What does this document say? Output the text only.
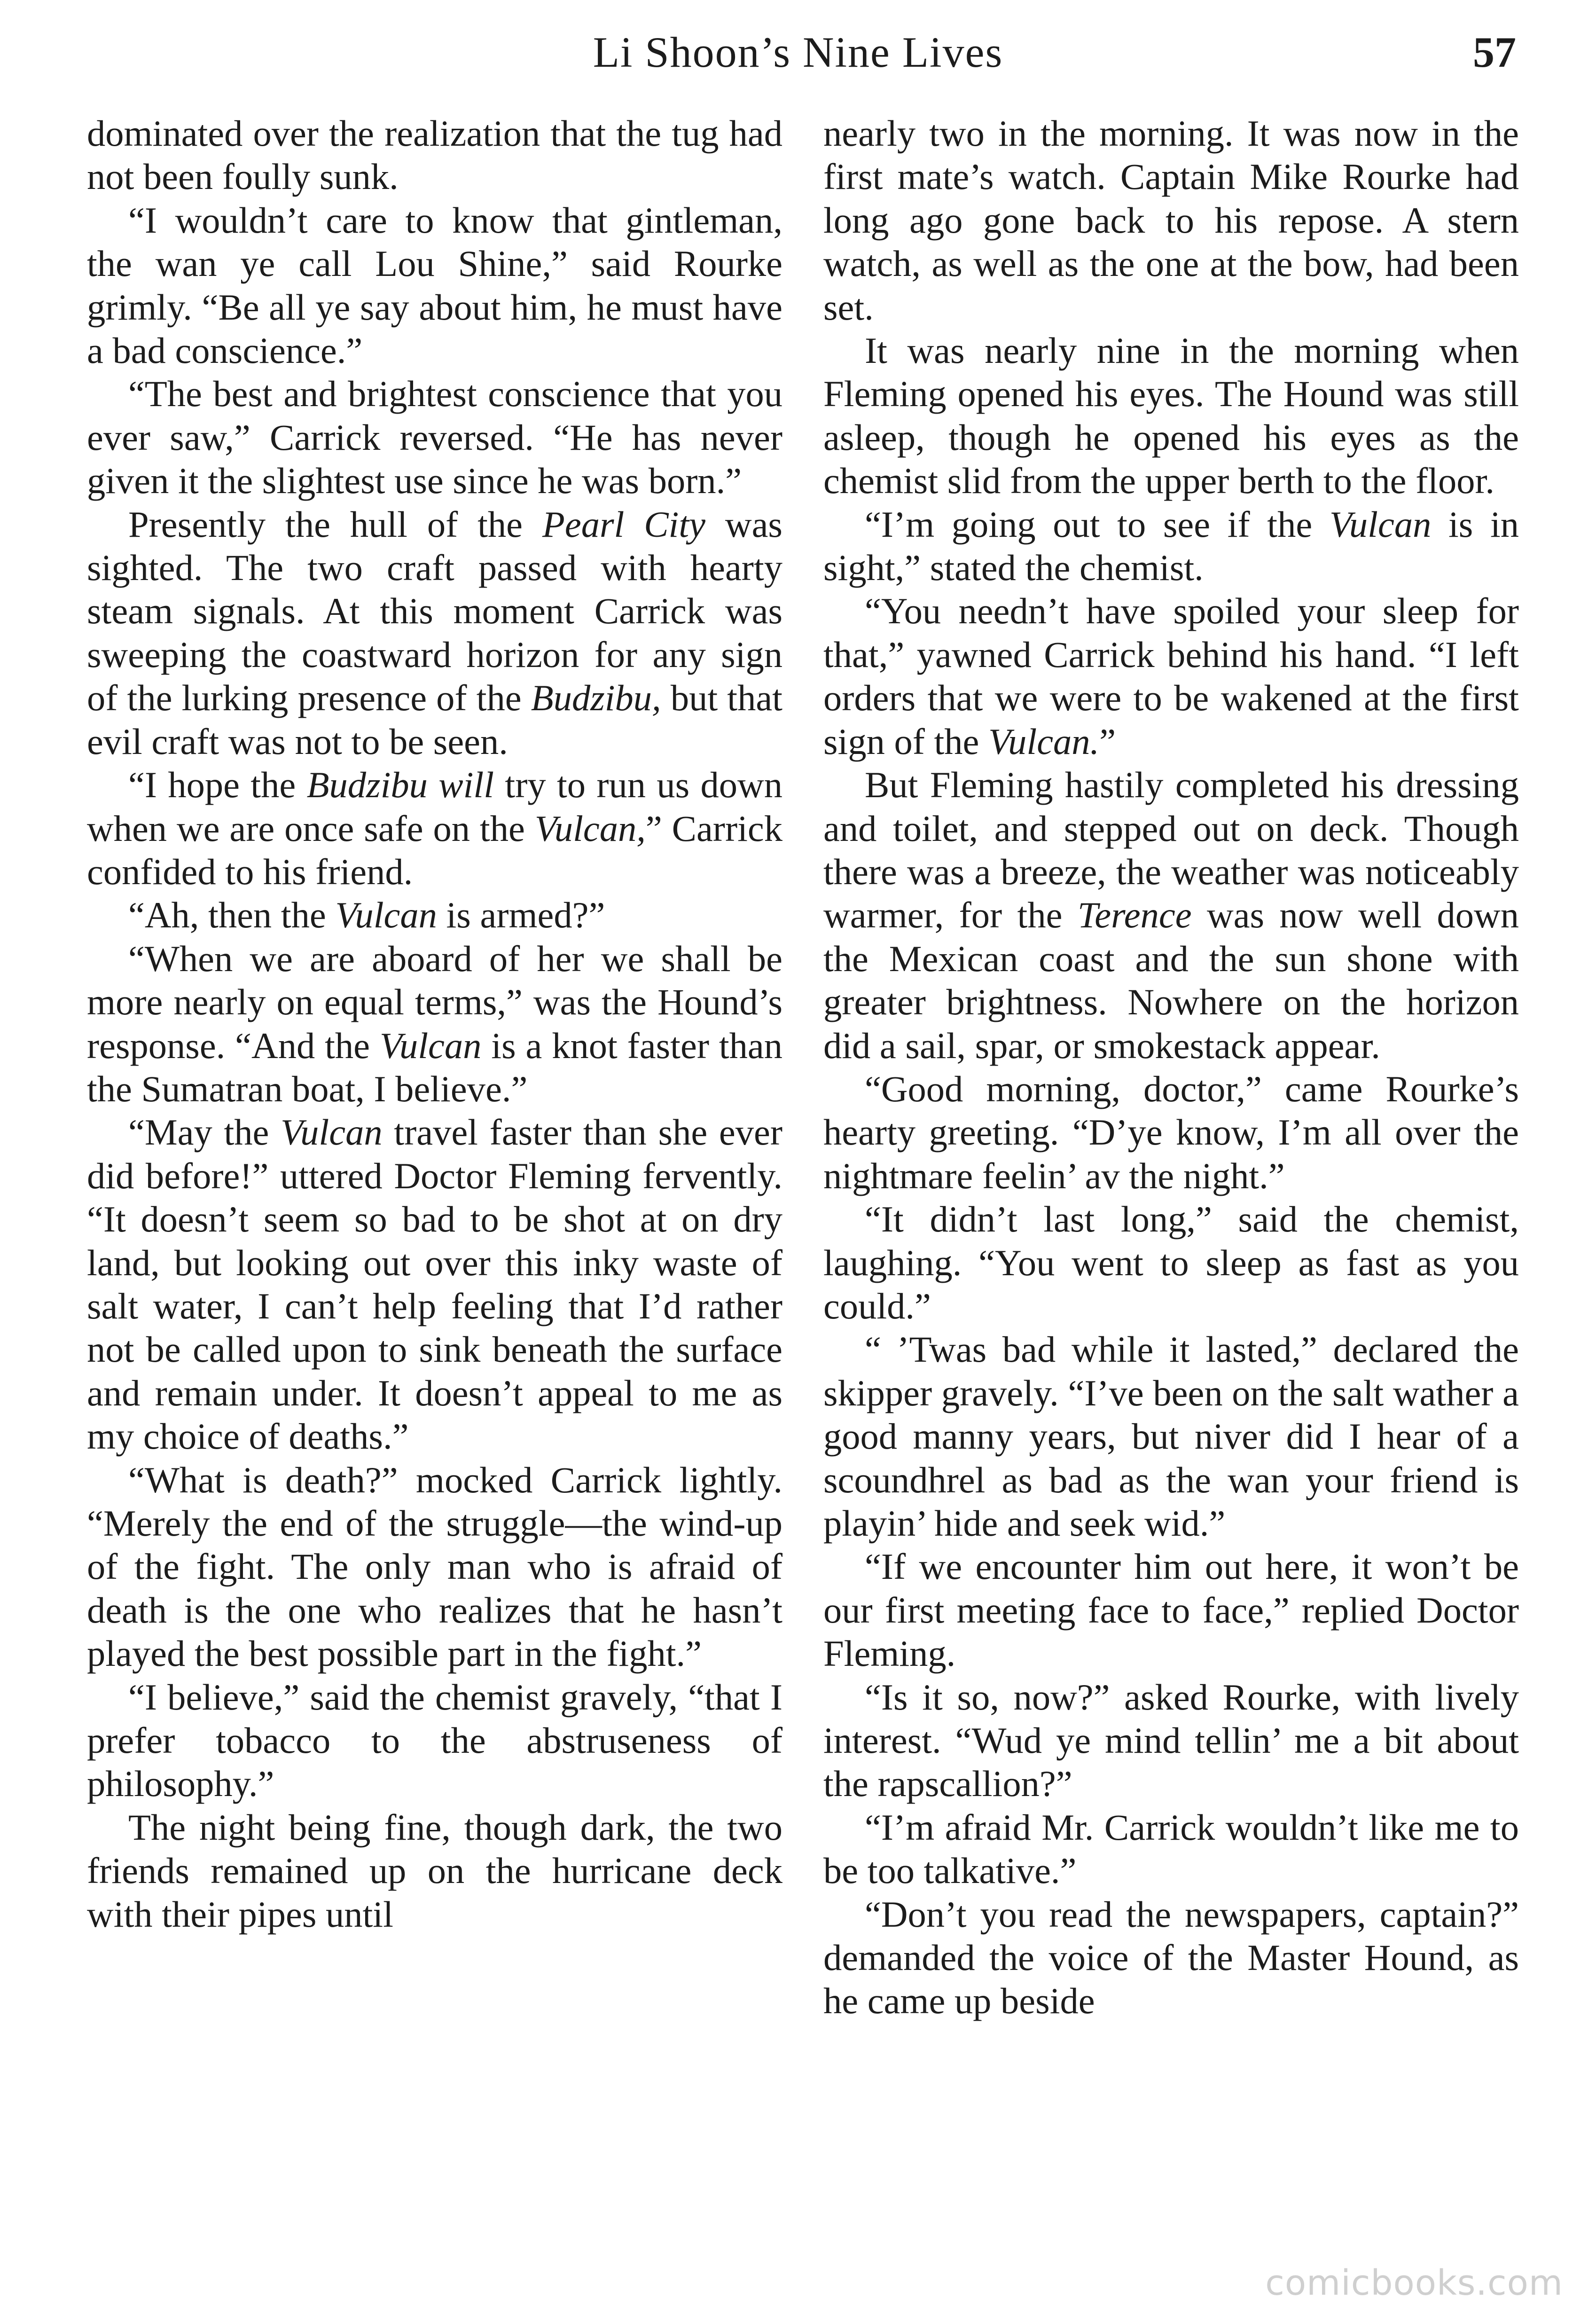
Li Shoon’s Nine Lives	57

dominated over the realization that the tug had not been foully sunk.

“I wouldn’t care to know that gintleman, the wan ye call Lou Shine,” said Rourke grimly. “Be all ye say about him, he must have a bad conscience.”

“The best and brightest conscience that you ever saw,” Carrick reversed. “He has never given it the slightest use since he was born.”

Presently the hull of the Pearl City was sighted. The two craft passed with hearty steam signals. At this moment Carrick was sweeping the coastward horizon for any sign of the lurking presence of the Budzibu, but that evil craft was not to be seen.

“I hope the Budzibu will try to run us down when we are once safe on the Vulcan,” Carrick confided to his friend.

“Ah, then the Vulcan is armed?”

“When we are aboard of her we shall be more nearly on equal terms,” was the Hound’s response. “And the Vulcan is a knot faster than the Sumatran boat, I believe.”

“May the Vulcan travel faster than she ever did before!” uttered Doctor Fleming fervently. “It doesn’t seem so bad to be shot at on dry land, but looking out over this inky waste of salt water, I can’t help feeling that I’d rather not be called upon to sink beneath the surface and remain under. It doesn’t appeal to me as my choice of deaths.”

“What is death?” mocked Carrick lightly. “Merely the end of the struggle—the wind-up of the fight. The only man who is afraid of death is the one who realizes that he hasn’t played the best possible part in the fight.”

“I believe,” said the chemist gravely, “that I prefer tobacco to the abstruseness of philosophy.”

The night being fine, though dark, the two friends remained up on the hurricane deck with their pipes until

nearly two in the morning. It was now in the first mate’s watch. Captain Mike Rourke had long ago gone back to his repose. A stern watch, as well as the one at the bow, had been set.

It was nearly nine in the morning when Fleming opened his eyes. The Hound was still asleep, though he opened his eyes as the chemist slid from the upper berth to the floor.

“I’m going out to see if the Vulcan is in sight,” stated the chemist.

“You needn’t have spoiled your sleep for that,” yawned Carrick behind his hand. “I left orders that we were to be wakened at the first sign of the Vulcan.”

But Fleming hastily completed his dressing and toilet, and stepped out on deck. Though there was a breeze, the weather was noticeably warmer, for the Terence was now well down the Mexican coast and the sun shone with greater brightness. Nowhere on the horizon did a sail, spar, or smokestack appear.

“Good morning, doctor,” came Rourke’s hearty greeting. “D’ye know, I’m all over the nightmare feelin’ av the night.”

“It didn’t last long,” said the chemist, laughing. “You went to sleep as fast as you could.”

“ ’Twas bad while it lasted,” declared the skipper gravely. “I’ve been on the salt wather a good manny years, but niver did I hear of a scoundhrel as bad as the wan your friend is playin’ hide and seek wid.”

“If we encounter him out here, it won’t be our first meeting face to face,” replied Doctor Fleming.

“Is it so, now?” asked Rourke, with lively interest. “Wud ye mind tellin’ me a bit about the rapscallion?”

“I’m afraid Mr. Carrick wouldn’t like me to be too talkative.”

“Don’t you read the newspapers, captain?” demanded the voice of the Master Hound, as he came up beside

comicbooks.com
